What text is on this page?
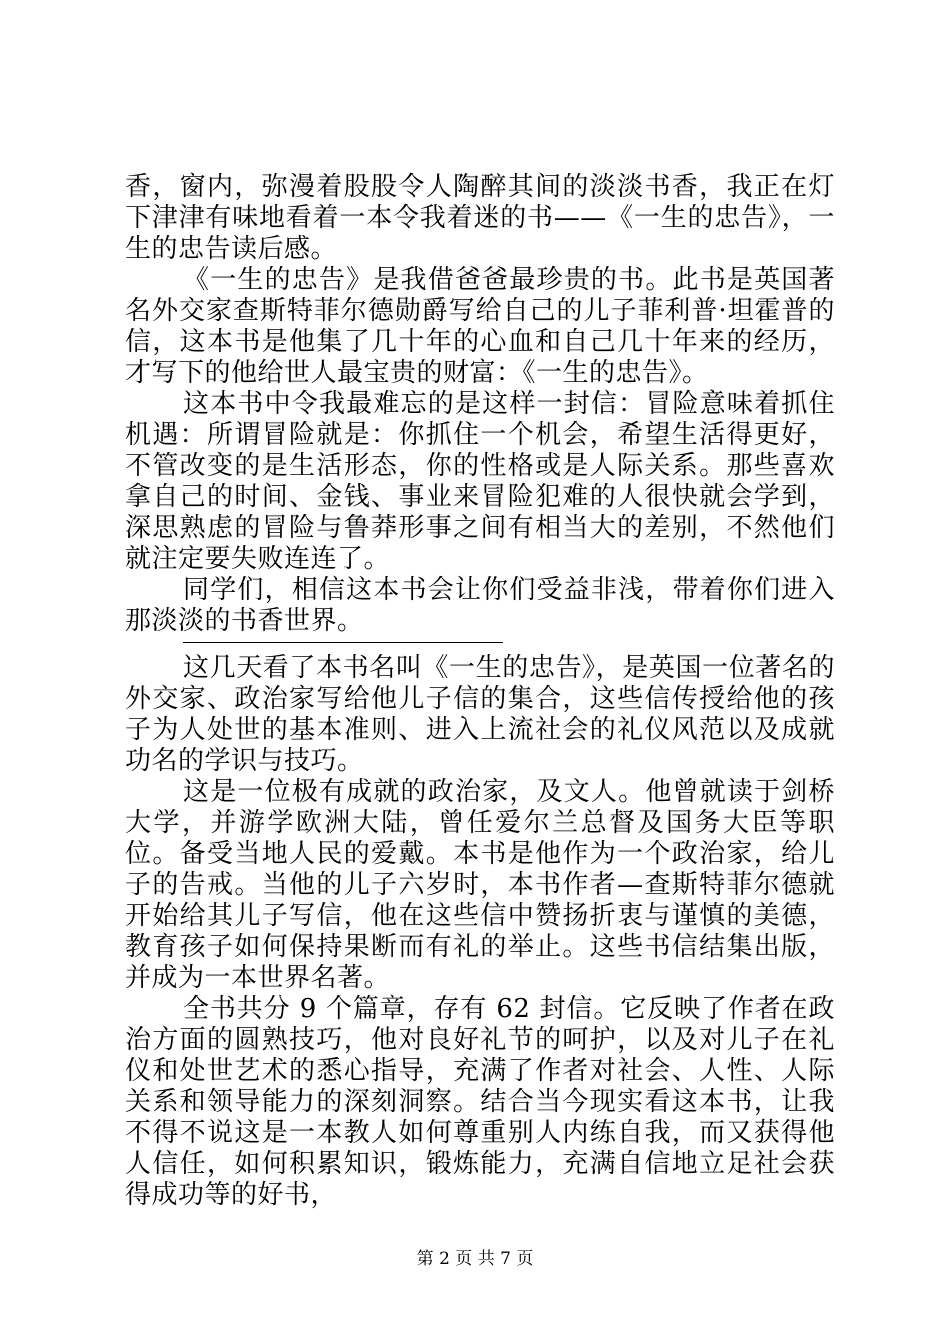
香，窗内，弥漫着股股令人陶醉其间的淡淡书香，我正在灯下津津有味地看着一本令我着迷的书——《一生的忠告》，一生的忠告读后感。

《一生的忠告》是我借爸爸最珍贵的书。此书是英国著名外交家查斯特菲尔德勋爵写给自己的儿子菲利普·坦霍普的信，这本书是他集了几十年的心血和自己几十年来的经历，才写下的他给世人最宝贵的财富：《一生的忠告》。

这本书中令我最难忘的是这样一封信：冒险意味着抓住机遇：所谓冒险就是：你抓住一个机会，希望生活得更好，不管改变的是生活形态，你的性格或是人际关系。那些喜欢拿自己的时间、金钱、事业来冒险犯难的人很快就会学到，深思熟虑的冒险与鲁莽形事之间有相当大的差别，不然他们就注定要失败连连了。

同学们，相信这本书会让你们受益非浅，带着你们进入那淡淡的书香世界。

这几天看了本书名叫《一生的忠告》，是英国一位著名的外交家、政治家写给他儿子信的集合，这些信传授给他的孩子为人处世的基本准则、进入上流社会的礼仪风范以及成就功名的学识与技巧。

这是一位极有成就的政治家，及文人。他曾就读于剑桥大学，并游学欧洲大陆，曾任爱尔兰总督及国务大臣等职位。备受当地人民的爱戴。本书是他作为一个政治家，给儿子的告戒。当他的儿子六岁时，本书作者—查斯特菲尔德就开始给其儿子写信，他在这些信中赞扬折衷与谨慎的美德，教育孩子如何保持果断而有礼的举止。这些书信结集出版，并成为一本世界名著。

全书共分 9 个篇章，存有 62 封信。它反映了作者在政治方面的圆熟技巧，他对良好礼节的呵护，以及对儿子在礼仪和处世艺术的悉心指导，充满了作者对社会、人性、人际关系和领导能力的深刻洞察。结合当今现实看这本书，让我不得不说这是一本教人如何尊重别人内练自我，而又获得他人信任，如何积累知识，锻炼能力，充满自信地立足社会获得成功等的好书，

第 2 页 共 7 页
